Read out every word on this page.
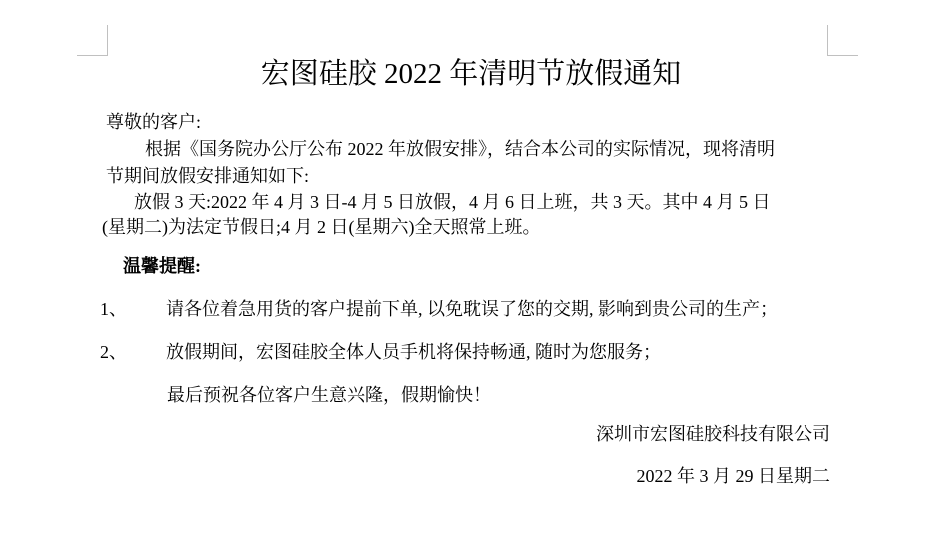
宏图硅胶 2022 年清明节放假通知
尊敬的客户:
根据《国务院办公厅公布 2022 年放假安排》，结合本公司的实际情况，现将清明
节期间放假安排通知如下:
放假 3 天:2022 年 4 月 3 日-4 月 5 日放假，4 月 6 日上班，共 3 天。其中 4 月 5 日
(星期二)为法定节假日;4 月 2 日(星期六)全天照常上班。
温馨提醒:
1、 请各位着急用货的客户提前下单, 以免耽误了您的交期, 影响到贵公司的生产；
2、 放假期间，宏图硅胶全体人员手机将保持畅通, 随时为您服务；
最后预祝各位客户生意兴隆，假期愉快！
深圳市宏图硅胶科技有限公司
2022 年 3 月 29 日星期二
